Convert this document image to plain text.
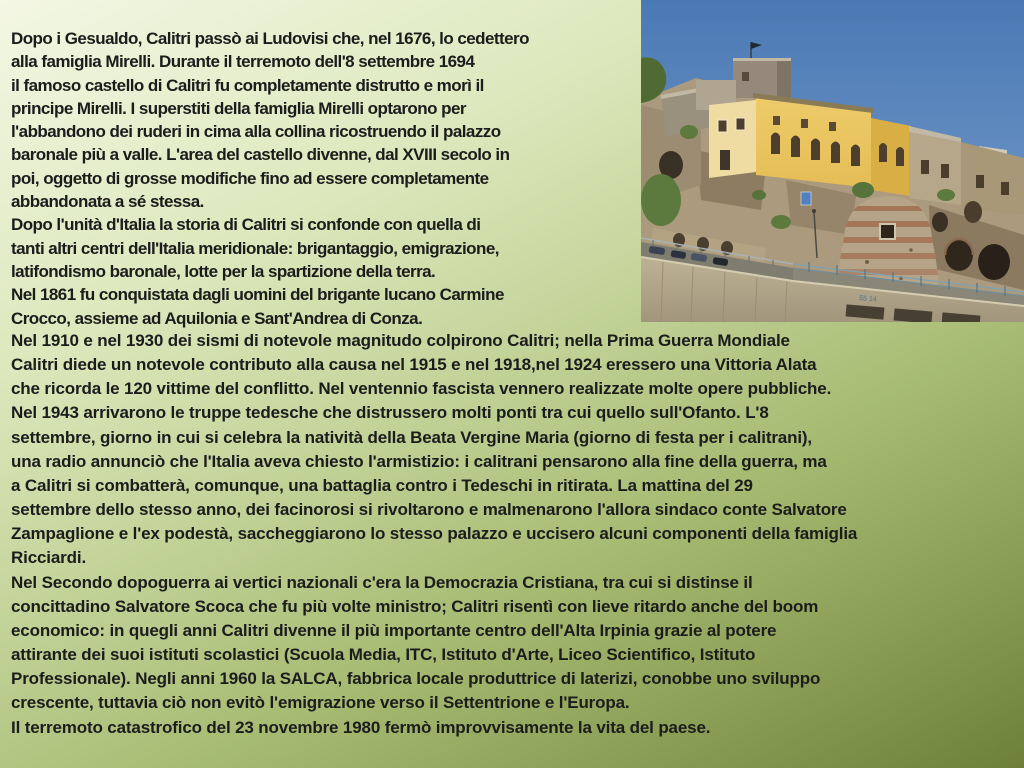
Dopo i Gesualdo, Calitri passò ai Ludovisi che, nel 1676, lo cedettero
alla famiglia Mirelli. Durante il terremoto dell'8 settembre 1694
il famoso castello di Calitri fu completamente distrutto e morì il
principe Mirelli. I superstiti della famiglia Mirelli optarono per
l'abbandono dei ruderi in cima alla collina ricostruendo il palazzo
baronale più a valle. L'area del castello divenne, dal XVIII secolo in
poi, oggetto di grosse modifiche fino ad essere completamente
abbandonata a sé stessa.
Dopo l'unità d'Italia la storia di Calitri si confonde con quella di
tanti altri centri dell'Italia meridionale: brigantaggio, emigrazione,
latifondismo baronale, lotte per la spartizione della terra.
Nel 1861 fu conquistata dagli uomini del brigante lucano Carmine
Crocco, assieme ad Aquilonia e Sant'Andrea di Conza.
Nel 1910 e nel 1930 dei sismi di notevole magnitudo colpirono Calitri; nella Prima Guerra Mondiale
Calitri diede un notevole contributo alla causa nel 1915 e nel 1918,nel 1924 eressero una Vittoria Alata
che ricorda le 120 vittime del conflitto. Nel ventennio fascista vennero realizzate molte opere pubbliche.
Nel 1943 arrivarono le truppe tedesche che distrussero molti ponti tra cui quello sull'Ofanto. L'8
settembre, giorno in cui si celebra la natività della Beata Vergine Maria (giorno di festa per i calitrani),
una radio annunciò che l'Italia aveva chiesto l'armistizio: i calitrani pensarono alla fine della guerra, ma
a Calitri si combatterà, comunque, una battaglia contro i Tedeschi in ritirata. La mattina del 29
settembre dello stesso anno, dei facinorosi si rivoltarono e malmenarono l'allora sindaco conte Salvatore
Zampaglione e l'ex podestà, saccheggiarono lo stesso palazzo e uccisero alcuni componenti della famiglia
Ricciardi.
Nel Secondo dopoguerra ai vertici nazionali c'era la Democrazia Cristiana, tra cui si distinse il
concittadino Salvatore Scoca che fu più volte ministro; Calitri risentì con lieve ritardo anche del boom
economico: in quegli anni Calitri divenne il più importante centro dell'Alta Irpinia grazie al potere
attirante dei suoi istituti scolastici (Scuola Media, ITC, Istituto d'Arte, Liceo Scientifico, Istituto
Professionale). Negli anni 1960 la SALCA, fabbrica locale produttrice di laterizi, conobbe uno sviluppo
crescente, tuttavia ciò non evitò l'emigrazione verso il Settentrione e l'Europa.
Il terremoto catastrofico del 23 novembre 1980 fermò improvvisamente la vita del paese.
55 14
